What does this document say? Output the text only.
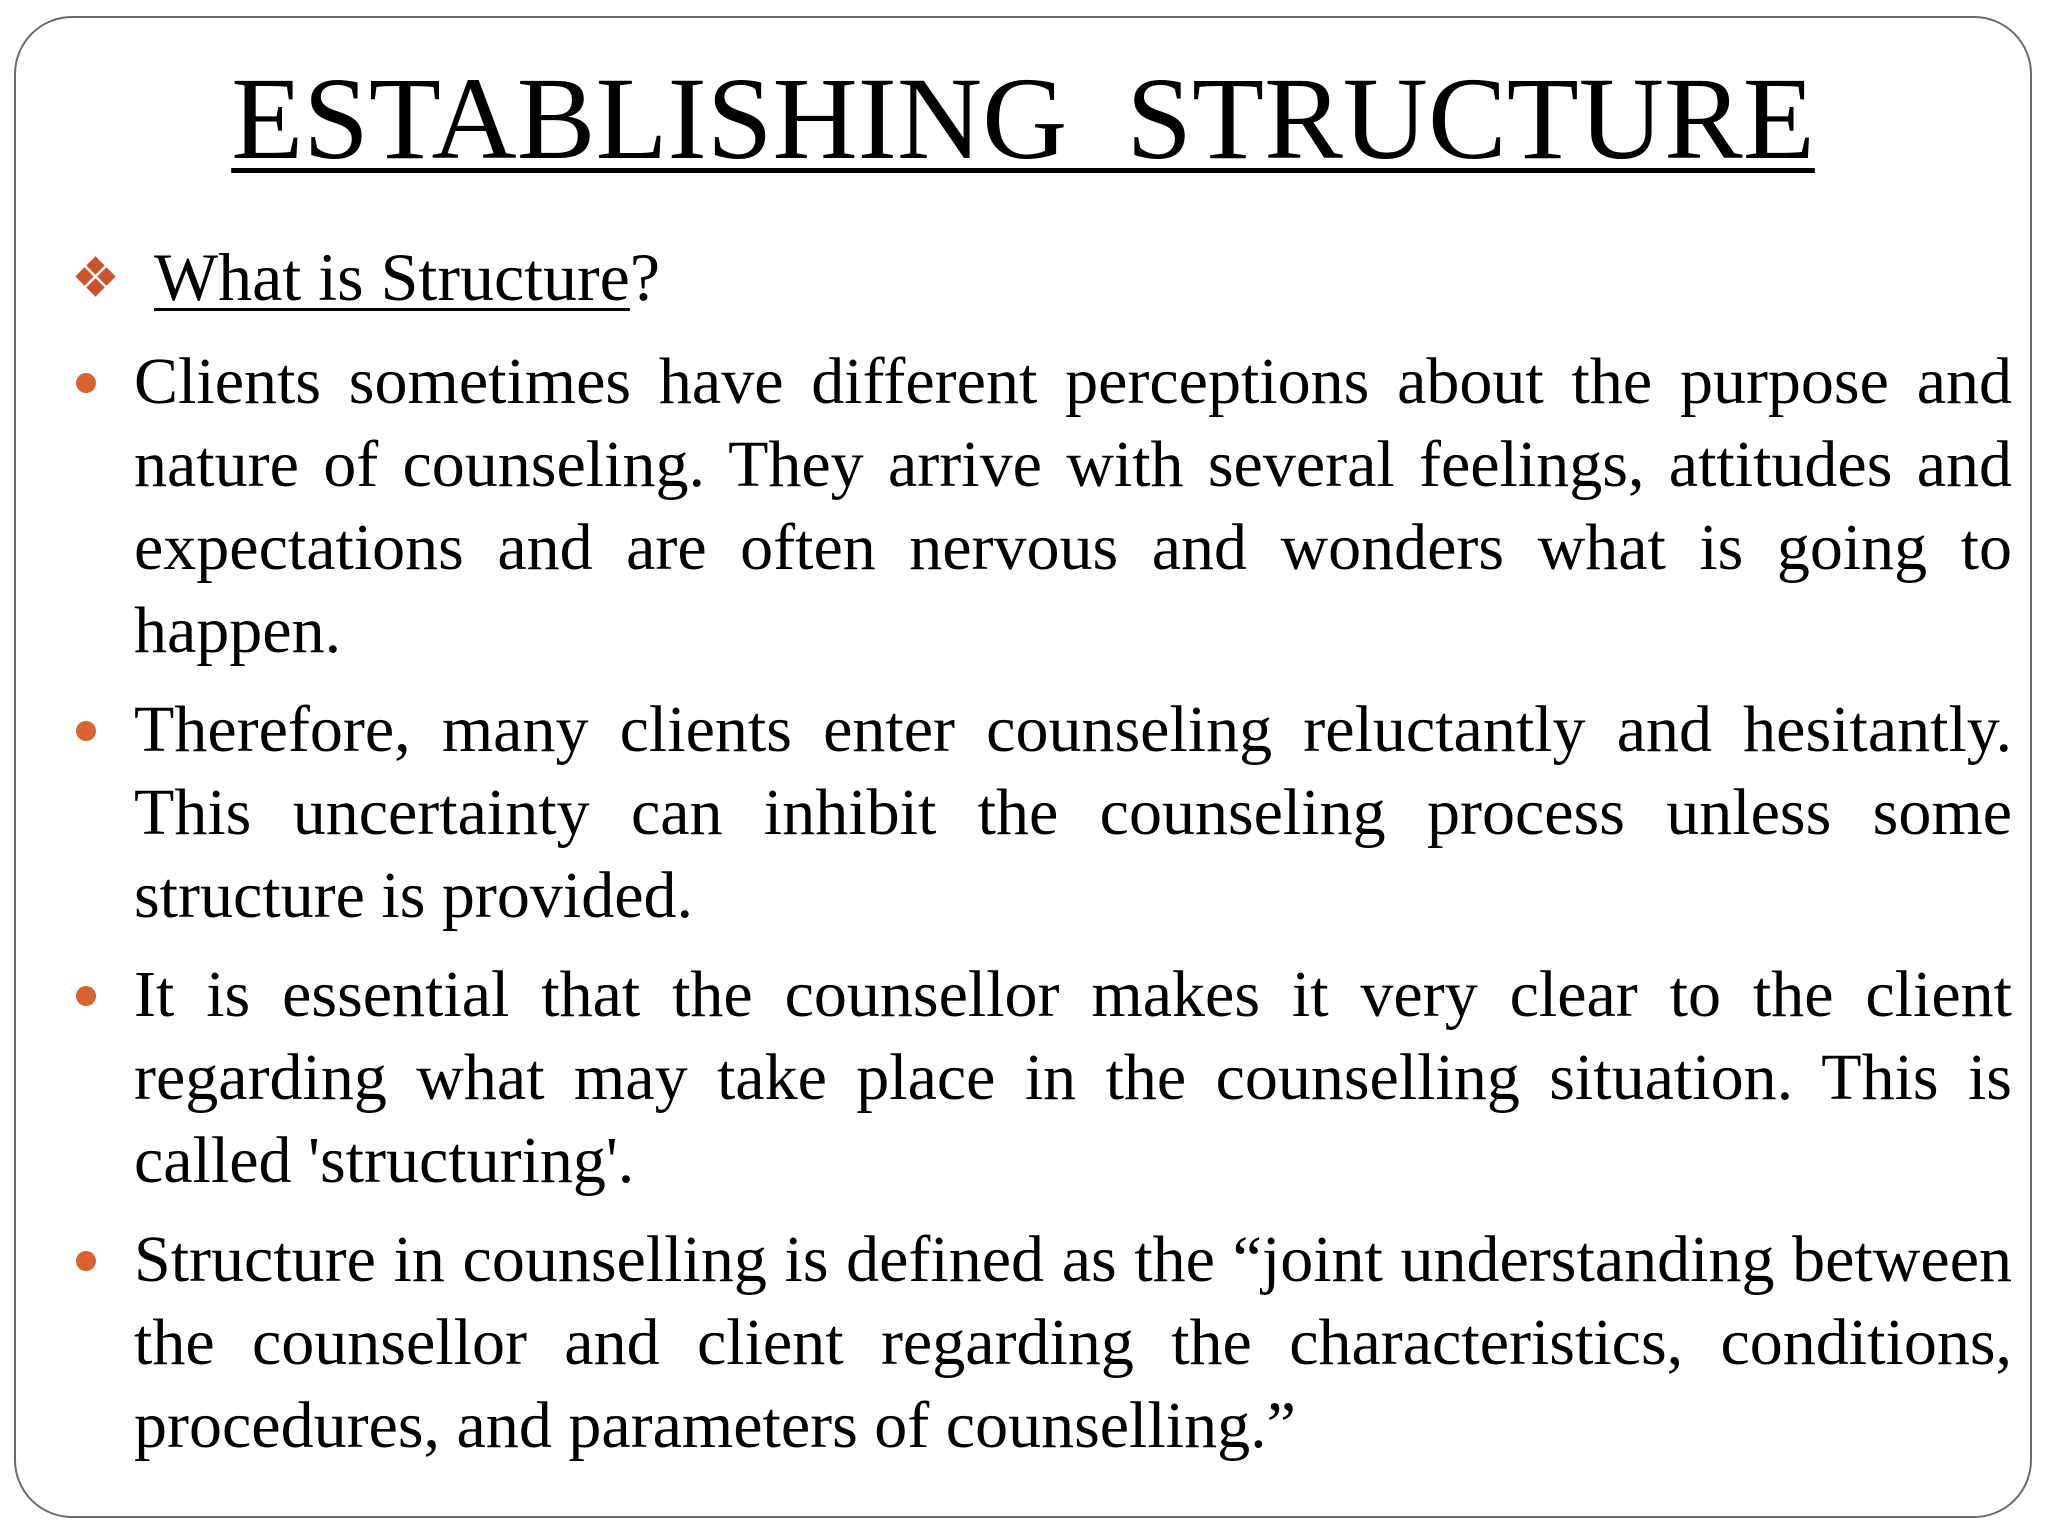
ESTABLISHING  STRUCTURE
What is Structure ?
Clients sometimes have different perceptions about the purpose and nature of counseling. They arrive with several feelings, attitudes and expectations and are often nervous and wonders what is going to happen.
Therefore, many clients enter counseling reluctantly and hesitantly. This uncertainty can inhibit the counseling process unless some structure is provided.
It is essential that the counsellor makes it very clear to the client regarding what may take place in the counselling situation. This is called 'structuring'.
Structure in counselling is defined as the “joint understanding between the counsellor and client regarding the characteristics, conditions, procedures, and parameters of counselling.”
